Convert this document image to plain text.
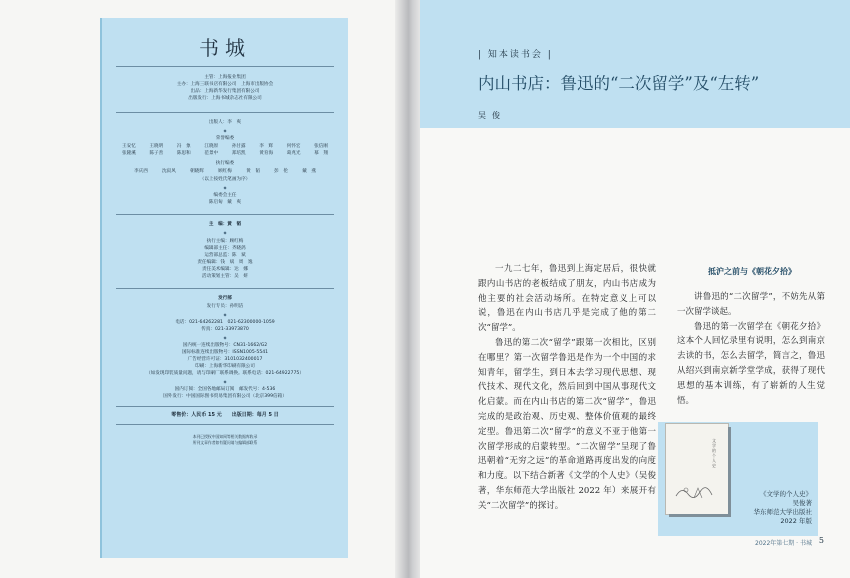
书城
主管：上海报业集团
主办：上海三联书店有限公司　上海市出版协会
出品：上海新华发行集团有限公司
出版发行：上海书城杂志社有限公司
出版人：李　爽
◆
荣誉编委
王安忆	王晓明	冯　象	江晓原	孙甘露	李　辉	何怀宏	张信刚
张隆溪	陈子善	陈思和	范景中	郑培凯	黄育海	葛兆光	慕　翔
执行编委
李庆西	沈寂风	朝晓辉	顾红梅	黄　韬	彭　伦	戴　燕
（以上按姓氏笔画为序）
◆
编委会主任
陈启甸　戴　爽
主　编：黄　韬
◆
执行主编：顾红梅
编辑部主任：齐晓鸽
运营部总监：陈　斌
责任编辑：钱　斌　周　逸
责任美术编辑：达　娜
活动策划主管：吴　妍
发行部
发行专员：孙明洁
◆
电话：021-64262281　021-62300000-1059
传真：021-33973870
◆
国内统一连续出版物号：CN31-1662/G2
国际标准连续出版物号：ISSN1005-5541
广告经营许可证：3101032400017
印刷：上海新华印刷有限公司
（如发现印装质量问题，请与印刷厂联系调换。联系电话：021-64922775）
◆
国内订阅：全国各地邮局订阅　邮发代号：4-536
国外发行：中国国际图书贸易集团有限公司（北京399信箱）
零售价：人民币 15 元　　出版日期：每月 5 日
本刊已授权中国知网等相关数据库收录
所刊文章作者如有疑问请与编辑部联系
| 知本读书会 |
内山书店：鲁迅的“二次留学”及“左转”
吴俊

一九二七年，鲁迅到上海定居后，很快就跟内山书店的老板结成了朋友，内山书店成为他主要的社会活动场所。在特定意义上可以说，鲁迅在内山书店几乎是完成了他的第二次“留学”。

鲁迅的第二次“留学”跟第一次相比，区别在哪里？第一次留学鲁迅是作为一个中国的求知青年，留学生，到日本去学习现代思想、现代技术、现代文化，然后回到中国从事现代文化启蒙。而在内山书店的第二次“留学”，鲁迅完成的是政治观、历史观、整体价值观的最终定型。鲁迅第二次“留学”的意义不亚于他第一次留学形成的启蒙转型。“二次留学”呈现了鲁迅朝着“无穷之远”的革命道路再度出发的向度和力度。以下结合新著《文学的个人史》（吴俊著，华东师范大学出版社 2022 年）来展开有关“二次留学”的探讨。

抵沪之前与《朝花夕拾》

讲鲁迅的“二次留学”，不妨先从第一次留学谈起。

鲁迅的第一次留学在《朝花夕拾》这本个人回忆录里有说明，怎么到南京去读的书，怎么去留学，简言之，鲁迅从绍兴到南京新学堂学成，获得了现代思想的基本训练，有了崭新的人生觉悟。

文学的个人史
《文学的个人史》
吴俊著
华东师范大学出版社
2022 年版
2022年第七期 · 书城 5
